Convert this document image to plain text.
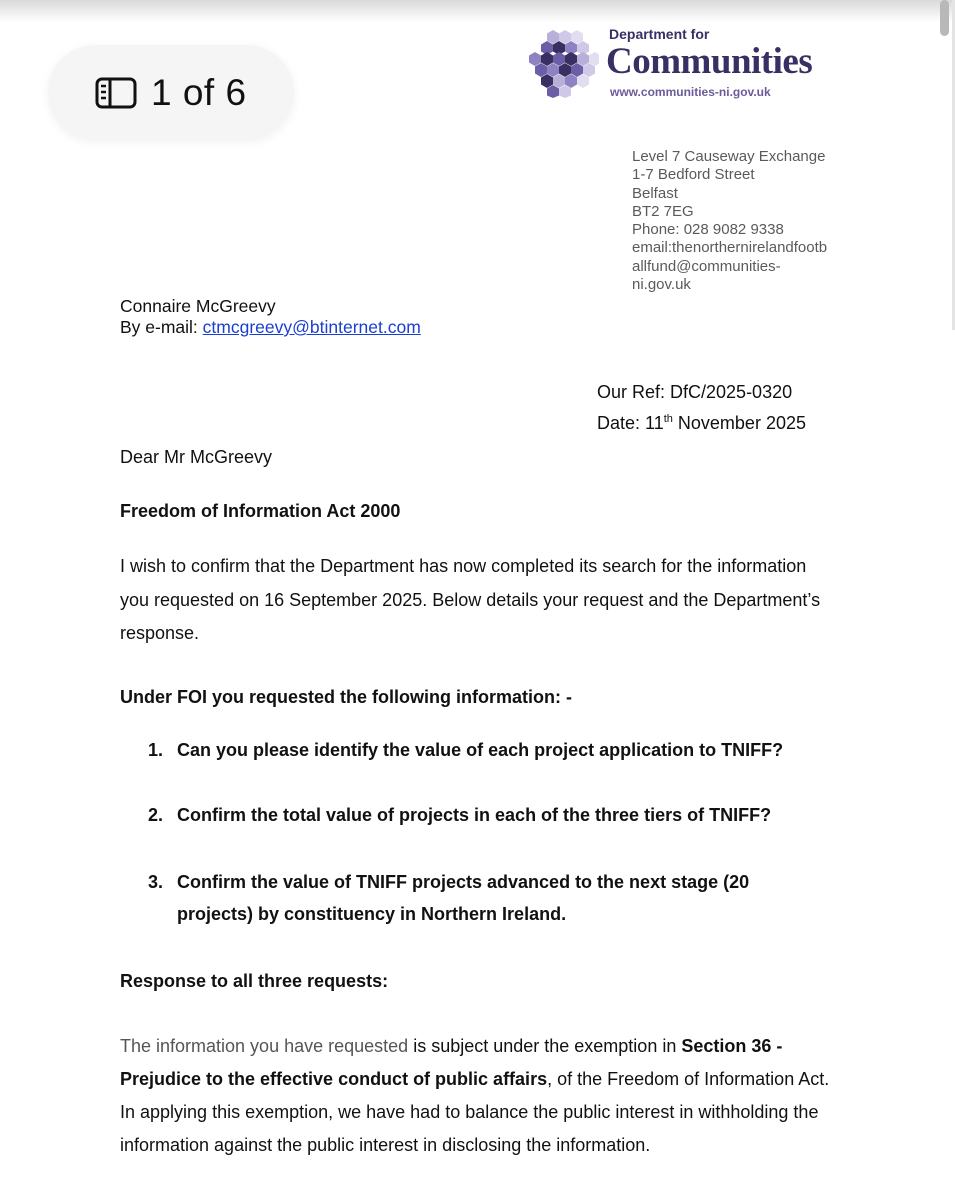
1 of 6
Department for
Communities
www.communities-ni.gov.uk
Level 7 Causeway Exchange
1-7 Bedford Street
Belfast
BT2 7EG
Phone: 028 9082 9338
email:thenorthernirelandfootb
allfund@communities-
ni.gov.uk
Connaire McGreevy
By e-mail: ctmcgreevy@btinternet.com
Our Ref: DfC/2025-0320
Date: 11th November 2025
Dear Mr McGreevy
Freedom of Information Act 2000
I wish to confirm that the Department has now completed its search for the information you requested on 16 September 2025. Below details your request and the Department’s response.
Under FOI you requested the following information: -
1. Can you please identify the value of each project application to TNIFF?
2. Confirm the total value of projects in each of the three tiers of TNIFF?
3. Confirm the value of TNIFF projects advanced to the next stage (20 projects) by constituency in Northern Ireland.
Response to all three requests:
The information you have requested is subject under the exemption in Section 36 - Prejudice to the effective conduct of public affairs, of the Freedom of Information Act. In applying this exemption, we have had to balance the public interest in withholding the information against the public interest in disclosing the information.
